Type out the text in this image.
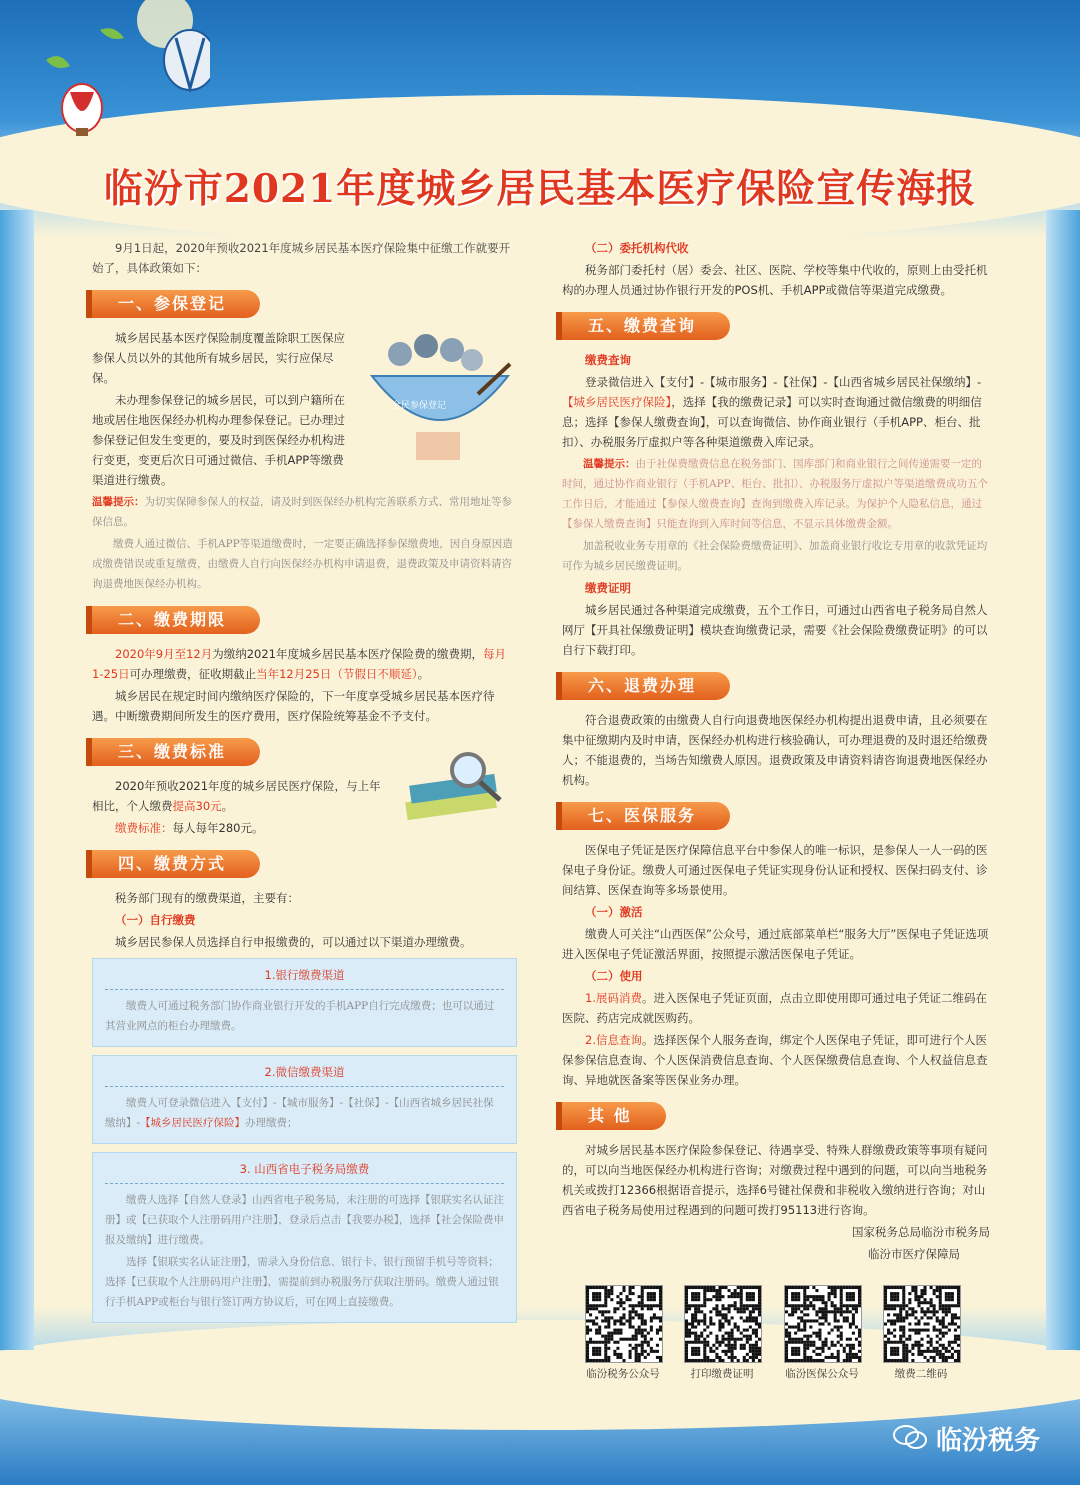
临汾市2021年度城乡居民基本医疗保险宣传海报

9月1日起，2020年预收2021年度城乡居民基本医疗保险集中征缴工作就要开始了，具体政策如下：

一、参保登记
全民参保登记

城乡居民基本医疗保险制度覆盖除职工医保应参保人员以外的其他所有城乡居民，实行应保尽保。

未办理参保登记的城乡居民，可以到户籍所在地或居住地医保经办机构办理参保登记。已办理过参保登记但发生变更的，要及时到医保经办机构进行变更，变更后次日可通过微信、手机APP等缴费渠道进行缴费。

温馨提示：为切实保障参保人的权益，请及时到医保经办机构完善联系方式、常用地址等参保信息。

缴费人通过微信、手机APP等渠道缴费时，一定要正确选择参保缴费地，因自身原因造成缴费错误或重复缴费，由缴费人自行向医保经办机构申请退费，退费政策及申请资料请咨询退费地医保经办机构。

二、缴费期限

2020年9月至12月为缴纳2021年度城乡居民基本医疗保险费的缴费期，每月1-25日可办理缴费，征收期截止当年12月25日（节假日不顺延）。

城乡居民在规定时间内缴纳医疗保险的，下一年度享受城乡居民基本医疗待遇。中断缴费期间所发生的医疗费用，医疗保险统筹基金不予支付。

三、缴费标准

2020年预收2021年度的城乡居民医疗保险，与上年相比，个人缴费提高30元。

缴费标准：每人每年280元。

四、缴费方式

税务部门现有的缴费渠道，主要有：

（一）自行缴费

城乡居民参保人员选择自行申报缴费的，可以通过以下渠道办理缴费。

1.银行缴费渠道

缴费人可通过税务部门协作商业银行开发的手机APP自行完成缴费；也可以通过其营业网点的柜台办理缴费。

2.微信缴费渠道

缴费人可登录微信进入【支付】-【城市服务】-【社保】-【山西省城乡居民社保缴纳】-【城乡居民医疗保险】办理缴费；

3. 山西省电子税务局缴费

缴费人选择【自然人登录】山西省电子税务局，未注册的可选择【银联实名认证注册】或【已获取个人注册码用户注册】，登录后点击【我要办税】，选择【社会保险费申报及缴纳】进行缴费。

选择【银联实名认证注册】，需录入身份信息、银行卡、银行预留手机号等资料；选择【已获取个人注册码用户注册】，需提前到办税服务厅获取注册码。缴费人通过银行手机APP或柜台与银行签订两方协议后，可在网上直接缴费。

（二）委托机构代收

税务部门委托村（居）委会、社区、医院、学校等集中代收的，原则上由受托机构的办理人员通过协作银行开发的POS机、手机APP或微信等渠道完成缴费。

五、缴费查询

缴费查询

登录微信进入【支付】-【城市服务】-【社保】-【山西省城乡居民社保缴纳】-【城乡居民医疗保险】，选择【我的缴费记录】可以实时查询通过微信缴费的明细信息；选择【参保人缴费查询】，可以查询微信、协作商业银行（手机APP、柜台、批扣）、办税服务厅虚拟户等各种渠道缴费入库记录。

温馨提示：由于社保费缴费信息在税务部门、国库部门和商业银行之间传递需要一定的时间，通过协作商业银行（手机APP、柜台、批扣）、办税服务厅虚拟户等渠道缴费成功五个工作日后，才能通过【参保人缴费查询】查询到缴费入库记录。为保护个人隐私信息，通过【参保人缴费查询】只能查询到入库时间等信息，不显示具体缴费金额。

加盖税收业务专用章的《社会保险费缴费证明》、加盖商业银行收讫专用章的收款凭证均可作为城乡居民缴费证明。

缴费证明

城乡居民通过各种渠道完成缴费，五个工作日，可通过山西省电子税务局自然人网厅【开具社保缴费证明】模块查询缴费记录，需要《社会保险费缴费证明》的可以自行下载打印。

六、退费办理

符合退费政策的由缴费人自行向退费地医保经办机构提出退费申请，且必须要在集中征缴期内及时申请，医保经办机构进行核验确认，可办理退费的及时退还给缴费人；不能退费的，当场告知缴费人原因。退费政策及申请资料请咨询退费地医保经办机构。

七、医保服务

医保电子凭证是医疗保障信息平台中参保人的唯一标识，是参保人一人一码的医保电子身份证。缴费人可通过医保电子凭证实现身份认证和授权、医保扫码支付、诊间结算、医保查询等多场景使用。

（一）激活

缴费人可关注“山西医保”公众号，通过底部菜单栏“服务大厅”医保电子凭证选项进入医保电子凭证激活界面，按照提示激活医保电子凭证。

（二）使用

1.展码消费。进入医保电子凭证页面，点击立即使用即可通过电子凭证二维码在医院、药店完成就医购药。

2.信息查询。选择医保个人服务查询，绑定个人医保电子凭证，即可进行个人医保参保信息查询、个人医保消费信息查询、个人医保缴费信息查询、个人权益信息查询、异地就医备案等医保业务办理。

其 他

对城乡居民基本医疗保险参保登记、待遇享受、特殊人群缴费政策等事项有疑问的，可以向当地医保经办机构进行咨询；对缴费过程中遇到的问题，可以向当地税务机关或拨打12366根据语音提示，选择6号键社保费和非税收入缴纳进行咨询；对山西省电子税务局使用过程遇到的问题可拨打95113进行咨询。

国家税务总局临汾市税务局

临汾市医疗保障局

临汾税务公众号	打印缴费证明	临汾医保公众号	缴费二维码
临汾税务
